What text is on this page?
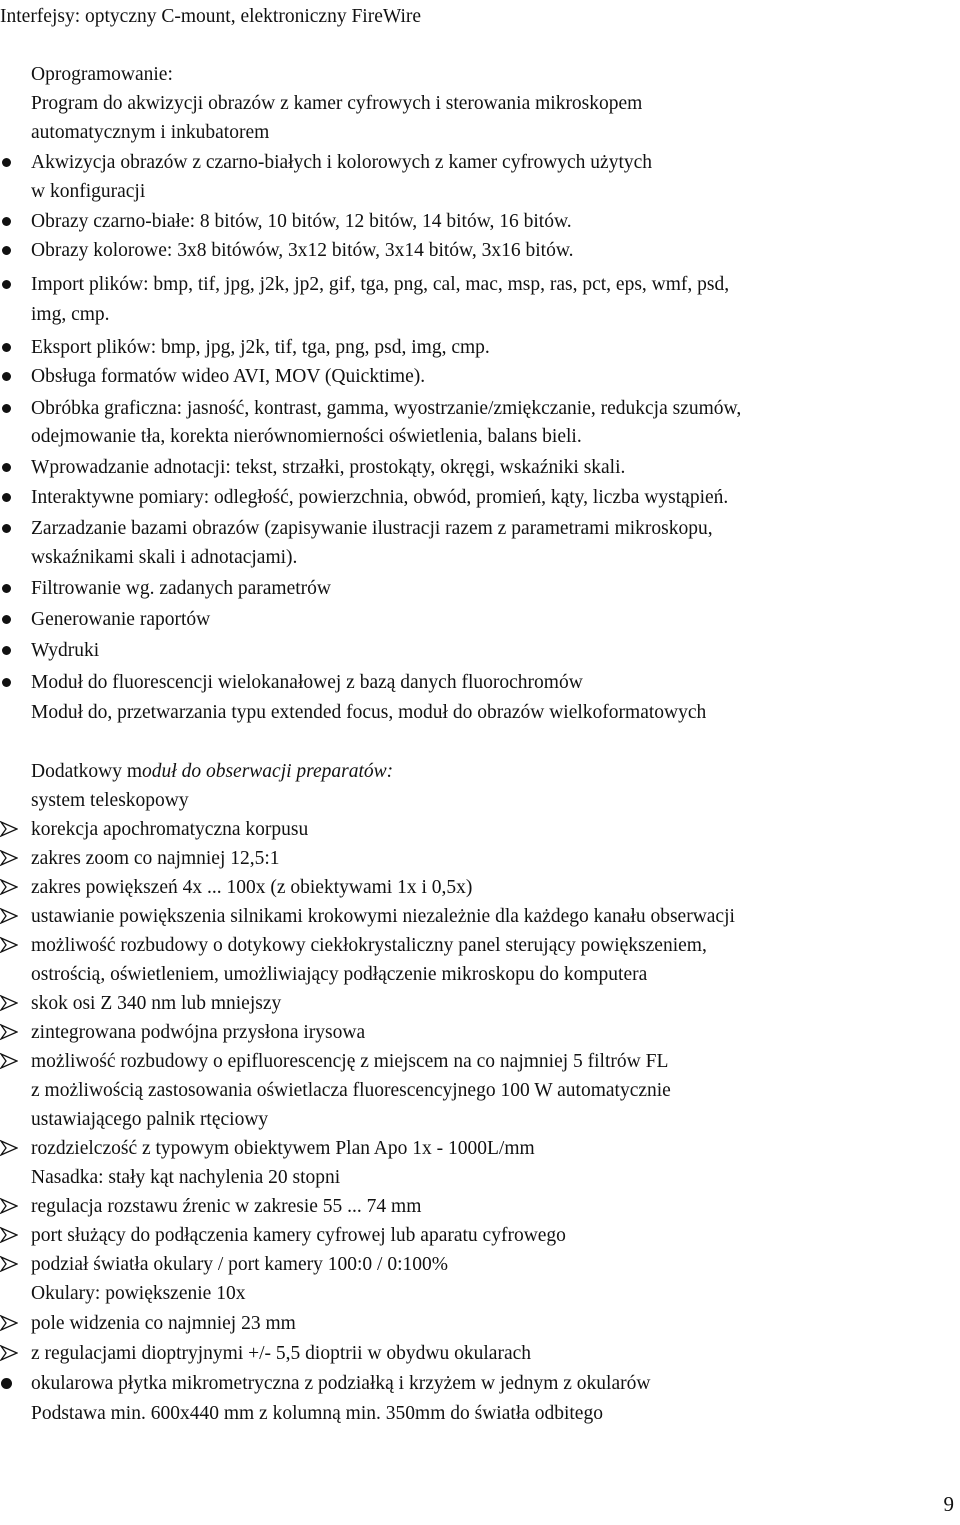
Interfejsy: optyczny C-mount, elektroniczny FireWire
Oprogramowanie:
Program do akwizycji obrazów z kamer cyfrowych i sterowania mikroskopem
automatycznym i inkubatorem
Akwizycja obrazów z czarno-białych i kolorowych z kamer cyfrowych użytych
w konfiguracji
Obrazy czarno-białe: 8 bitów, 10 bitów, 12 bitów, 14 bitów, 16 bitów.
Obrazy kolorowe: 3x8 bitówów, 3x12 bitów, 3x14 bitów, 3x16 bitów.
Import plików: bmp, tif, jpg, j2k, jp2, gif, tga, png, cal, mac, msp, ras, pct, eps, wmf, psd,
img, cmp.
Eksport plików: bmp, jpg, j2k, tif, tga, png, psd, img, cmp.
Obsługa formatów wideo AVI, MOV (Quicktime).
Obróbka graficzna: jasność, kontrast, gamma, wyostrzanie/zmiękczanie, redukcja szumów,
odejmowanie tła, korekta nierównomierności oświetlenia, balans bieli.
Wprowadzanie adnotacji: tekst, strzałki, prostokąty, okręgi, wskaźniki skali.
Interaktywne pomiary: odległość, powierzchnia, obwód, promień, kąty, liczba wystąpień.
Zarzadzanie bazami obrazów (zapisywanie ilustracji razem z parametrami mikroskopu,
wskaźnikami skali i adnotacjami).
Filtrowanie wg. zadanych parametrów
Generowanie raportów
Wydruki
Moduł do fluorescencji wielokanałowej z bazą danych fluorochromów
Moduł do, przetwarzania typu extended focus, moduł do obrazów wielkoformatowych
Dodatkowy moduł do obserwacji preparatów:
system teleskopowy
korekcja apochromatyczna korpusu
zakres zoom co najmniej 12,5:1
zakres powiększeń 4x ... 100x (z obiektywami 1x i 0,5x)
ustawianie powiększenia silnikami krokowymi niezależnie dla każdego kanału obserwacji
możliwość rozbudowy o dotykowy ciekłokrystaliczny panel sterujący powiększeniem,
ostrością, oświetleniem, umożliwiający podłączenie mikroskopu do komputera
skok osi Z 340 nm lub mniejszy
zintegrowana podwójna przysłona irysowa
możliwość rozbudowy o epifluorescencję z miejscem na co najmniej 5 filtrów FL
z możliwością zastosowania oświetlacza fluorescencyjnego 100 W automatycznie
ustawiającego palnik rtęciowy
rozdzielczość z typowym obiektywem Plan Apo 1x - 1000L/mm
Nasadka: stały kąt nachylenia 20 stopni
regulacja rozstawu źrenic w zakresie 55 ... 74 mm
port służący do podłączenia kamery cyfrowej lub aparatu cyfrowego
podział światła okulary / port kamery 100:0 / 0:100%
Okulary: powiększenie 10x
pole widzenia co najmniej 23 mm
z regulacjami dioptryjnymi +/- 5,5 dioptrii w obydwu okularach
okularowa płytka mikrometryczna z podziałką i krzyżem w jednym z okularów
Podstawa min. 600x440 mm z kolumną min. 350mm do światła odbitego
9
